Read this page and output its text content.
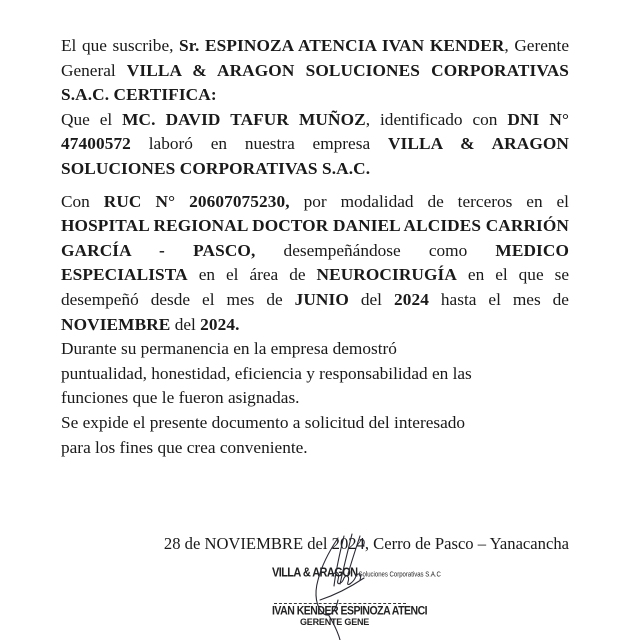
El que suscribe, Sr. ESPINOZA ATENCIA IVAN KENDER, Gerente General VILLA & ARAGON SOLUCIONES CORPORATIVAS S.A.C. CERTIFICA:

Que el MC. DAVID TAFUR MUÑOZ, identificado con DNI N° 47400572 laboró en nuestra empresa VILLA & ARAGON SOLUCIONES CORPORATIVAS S.A.C.

Con RUC N° 20607075230, por modalidad de terceros en el HOSPITAL REGIONAL DOCTOR DANIEL ALCIDES CARRIÓN GARCÍA - PASCO, desempeñándose como MEDICO ESPECIALISTA en el área de NEUROCIRUGÍA en el que se desempeñó desde el mes de JUNIO del 2024 hasta el mes de NOVIEMBRE del 2024.

Durante su permanencia en la empresa demostró
puntualidad, honestidad, eficiencia y responsabilidad en las
funciones que le fueron asignadas.

Se expide el presente documento a solicitud del interesado
para los fines que crea conveniente.

28 de NOVIEMBRE del 2024, Cerro de Pasco – Yanacancha
VILLA & ARAGONSoluciones Corporativas S.A.C
IVAN KENDER ESPINOZA ATENCI
GERENTE GENE
